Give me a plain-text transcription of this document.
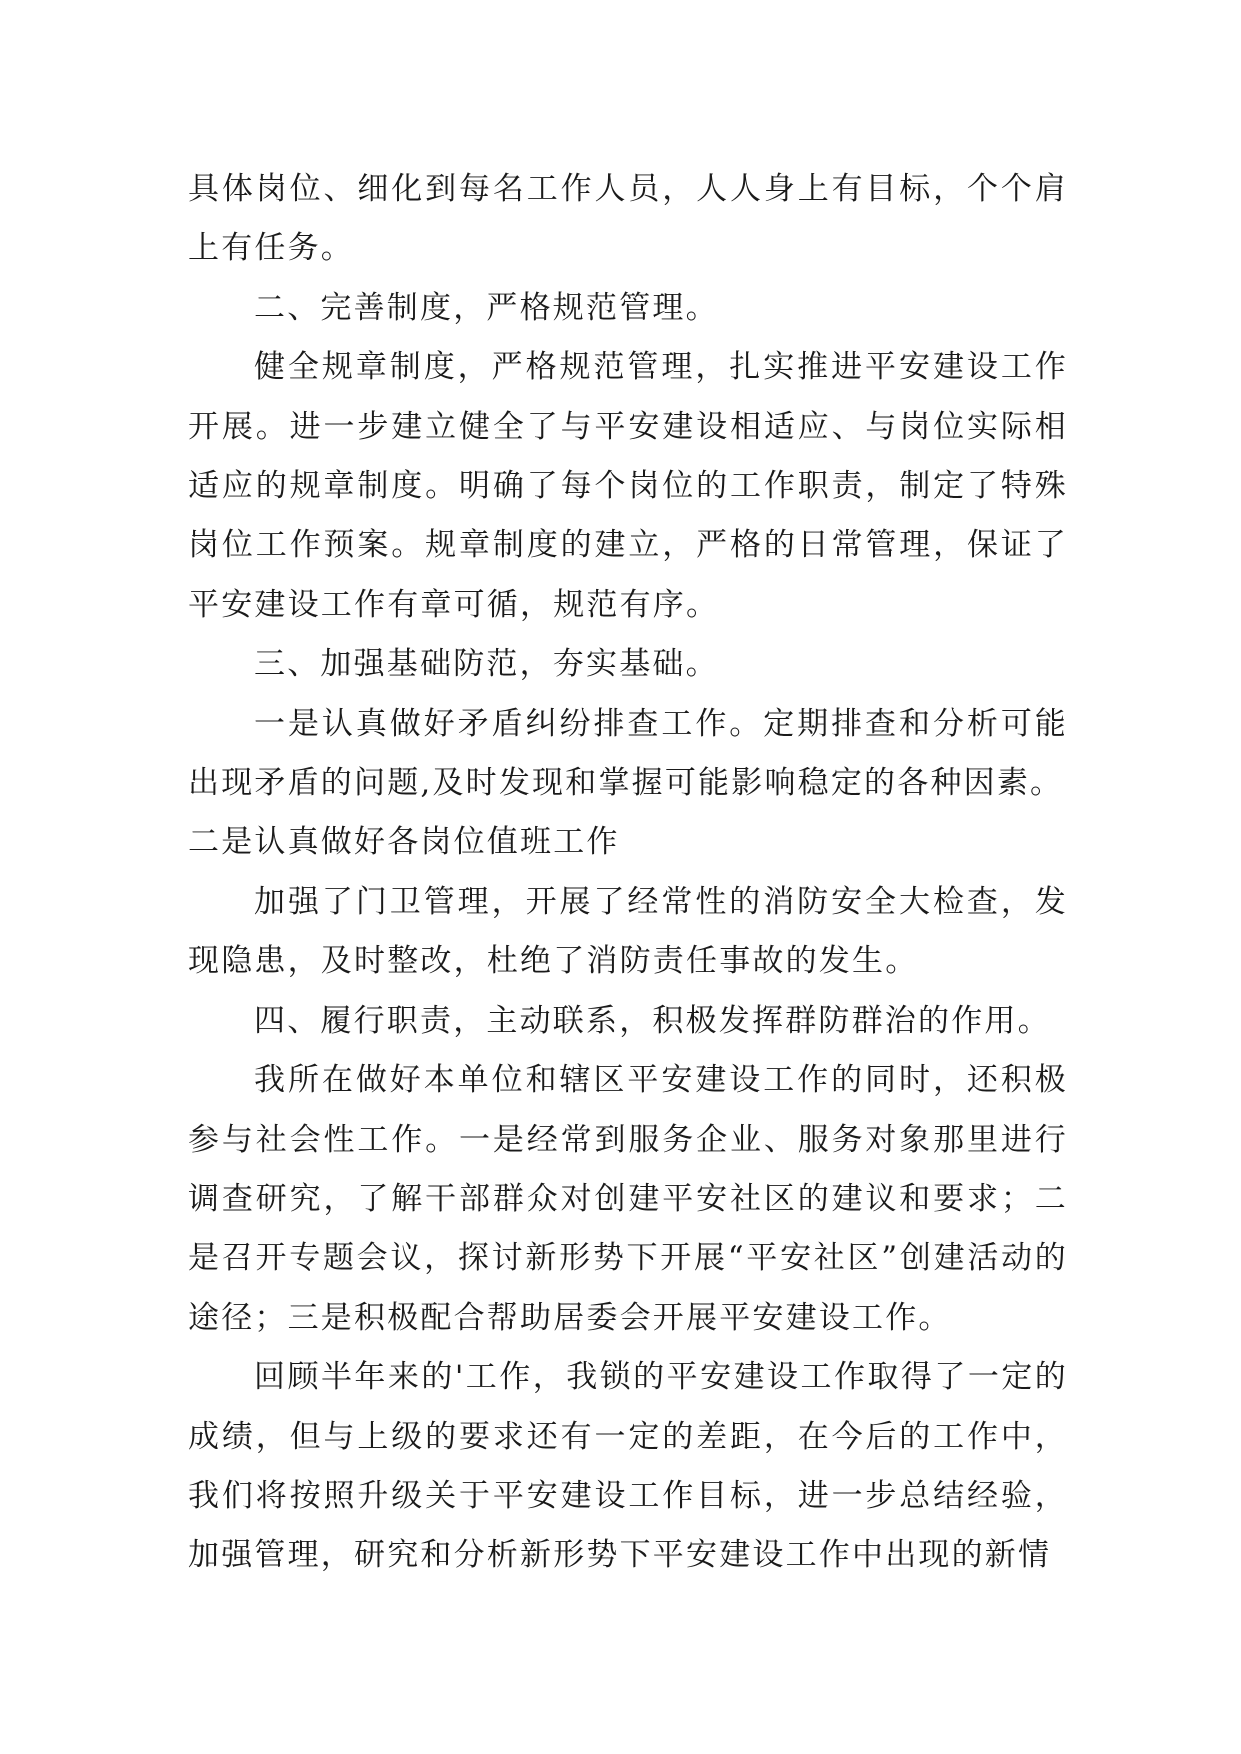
具体岗位、细化到每名工作人员，人人身上有目标，个个肩上有任务。

二、完善制度，严格规范管理。

健全规章制度，严格规范管理，扎实推进平安建设工作开展。进一步建立健全了与平安建设相适应、与岗位实际相适应的规章制度。明确了每个岗位的工作职责，制定了特殊岗位工作预案。规章制度的建立，严格的日常管理，保证了平安建设工作有章可循，规范有序。

三、加强基础防范，夯实基础。

一是认真做好矛盾纠纷排查工作。定期排查和分析可能出现矛盾的问题,及时发现和掌握可能影响稳定的各种因素。

二是认真做好各岗位值班工作

加强了门卫管理，开展了经常性的消防安全大检查，发现隐患，及时整改，杜绝了消防责任事故的发生。

四、履行职责，主动联系，积极发挥群防群治的作用。

我所在做好本单位和辖区平安建设工作的同时，还积极参与社会性工作。一是经常到服务企业、服务对象那里进行调查研究，了解干部群众对创建平安社区的建议和要求；二是召开专题会议，探讨新形势下开展“平安社区”创建活动的途径；三是积极配合帮助居委会开展平安建设工作。

回顾半年来的'工作，我锁的平安建设工作取得了一定的成绩，但与上级的要求还有一定的差距，在今后的工作中，我们将按照升级关于平安建设工作目标，进一步总结经验，加强管理，研究和分析新形势下平安建设工作中出现的新情
